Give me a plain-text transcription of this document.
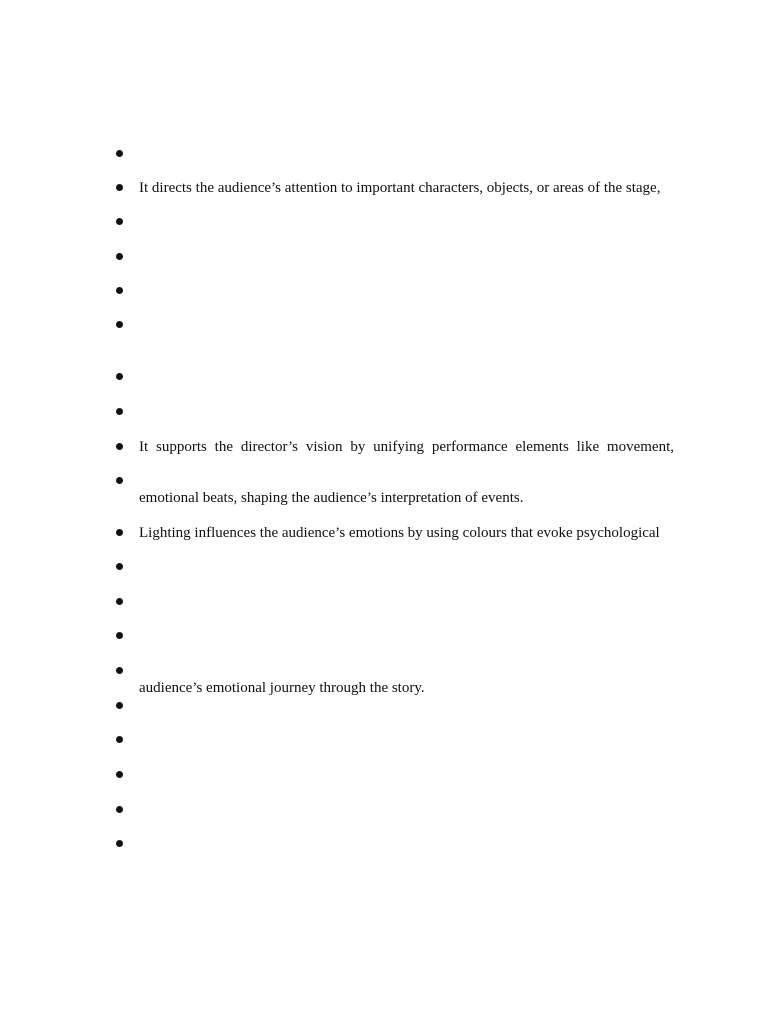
It directs the audience’s attention to important characters, objects, or areas of the stage,
It supports the director’s vision by unifying performance elements like movement,
emotional beats, shaping the audience’s interpretation of events.
Lighting influences the audience’s emotions by using colours that evoke psychological
audience’s emotional journey through the story.
